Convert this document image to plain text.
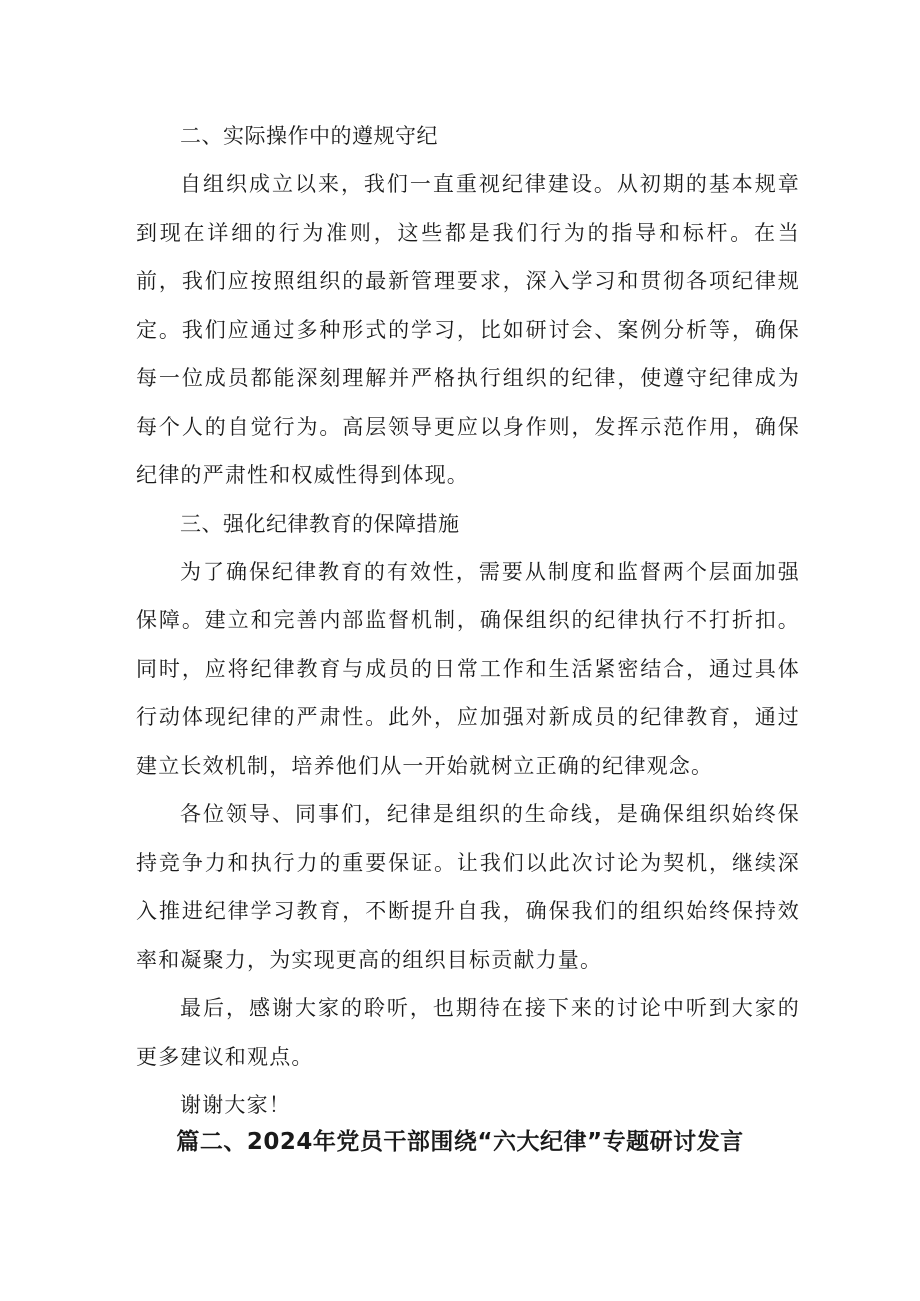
二、实际操作中的遵规守纪

自组织成立以来，我们一直重视纪律建设。从初期的基本规章到现在详细的行为准则，这些都是我们行为的指导和标杆。在当前，我们应按照组织的最新管理要求，深入学习和贯彻各项纪律规定。我们应通过多种形式的学习，比如研讨会、案例分析等，确保每一位成员都能深刻理解并严格执行组织的纪律，使遵守纪律成为每个人的自觉行为。高层领导更应以身作则，发挥示范作用，确保纪律的严肃性和权威性得到体现。

三、强化纪律教育的保障措施

为了确保纪律教育的有效性，需要从制度和监督两个层面加强保障。建立和完善内部监督机制，确保组织的纪律执行不打折扣。同时，应将纪律教育与成员的日常工作和生活紧密结合，通过具体行动体现纪律的严肃性。此外，应加强对新成员的纪律教育，通过建立长效机制，培养他们从一开始就树立正确的纪律观念。

各位领导、同事们，纪律是组织的生命线，是确保组织始终保持竞争力和执行力的重要保证。让我们以此次讨论为契机，继续深入推进纪律学习教育，不断提升自我，确保我们的组织始终保持效率和凝聚力，为实现更高的组织目标贡献力量。

最后，感谢大家的聆听，也期待在接下来的讨论中听到大家的更多建议和观点。

谢谢大家！

篇二、2024年党员干部围绕“六大纪律”专题研讨发言
